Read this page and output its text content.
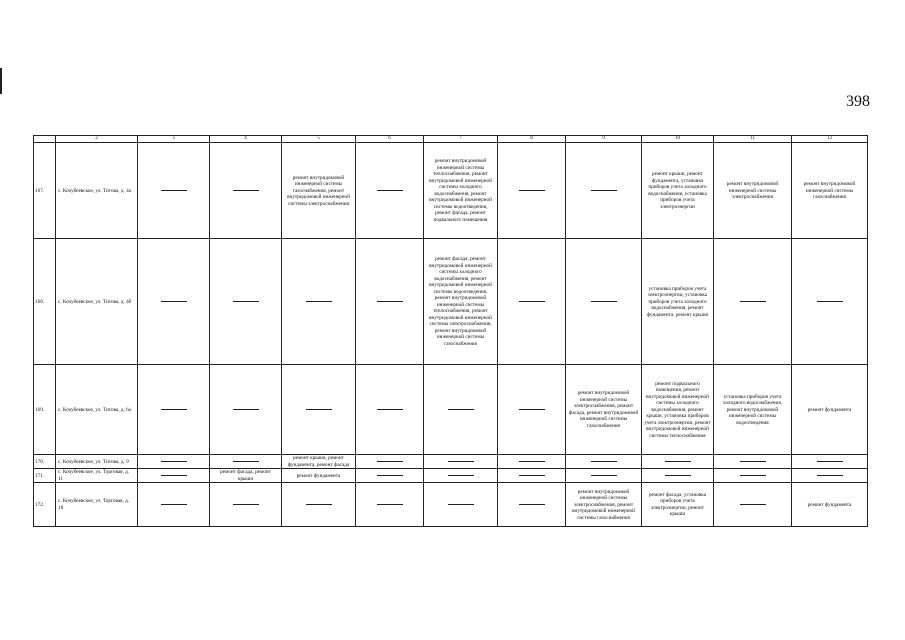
398
	2	3	4	5	6	7	8	9	10	11	12
167.	с. Кочубеевское, ул. Титова, д. 4а			ремонт внутридомовой инженерной системы газоснабжения, ремонт внутридомовой инженерной системы электроснабжения		ремонт внутридомовой инженерной системы теплоснабжения, ремонт внутридомовой инженерной системы холодного водоснабжения, ремонт внутридомовой инженерной системы водоотведения, ремонт фасада, ремонт подвального помещения			ремонт крыши, ремонт фундамента, установка приборов учета холодного водоснабжения, установка приборов учета электроэнергии	ремонт внутридомовой инженерной системы электроснабжения	ремонт внутридомовой инженерной системы газоснабжения
168.	с. Кочубеевское, ул. Титова, д. 4б					ремонт фасада, ремонт внутридомовой инженерной системы холодного водоснабжения, ремонт внутридомовой инженерной системы водоотведения, ремонт внутридомовой инженерной системы теплоснабжения, ремонт внутридомовой инженерной системы электроснабжения, ремонт внутридомовой инженерной системы газоснабжения			установка приборов учета электроэнергии, установка приборов учета холодного водоснабжения, ремонт фундамента, ремонт крыши		
169.	с. Кочубеевское, ул. Титова, д. 6а							ремонт внутридомовой инженерной системы электроснабжения, ремонт фасада, ремонт внутридомовой инженерной системы газоснабжения	ремонт подвального помещения, ремонт внутридомовой инженерной системы холодного водоснабжения, ремонт крыши, установка приборов учета электроэнергии, ремонт внутридомовой инженерной системы теплоснабжения	установка приборов учета холодного водоснабжения, ремонт внутридомовой инженерной системы водоотведения	ремонт фундамента
170.	с. Кочубеевское, ул. Титова, д. 9			ремонт крыши, ремонт фундамента, ремонт фасада							
171.	с. Кочубеевское, ул. Торговая, д. 11		ремонт фасада, ремонт крыши	ремонт фундамента							
172.	с. Кочубеевское, ул. Торговая, д. 18							ремонт внутридомовой инженерной системы электроснабжения, ремонт внутридомовой инженерной системы газоснабжения	ремонт фасада, установка приборов учета электроэнергии, ремонт крыши		ремонт фундамента
